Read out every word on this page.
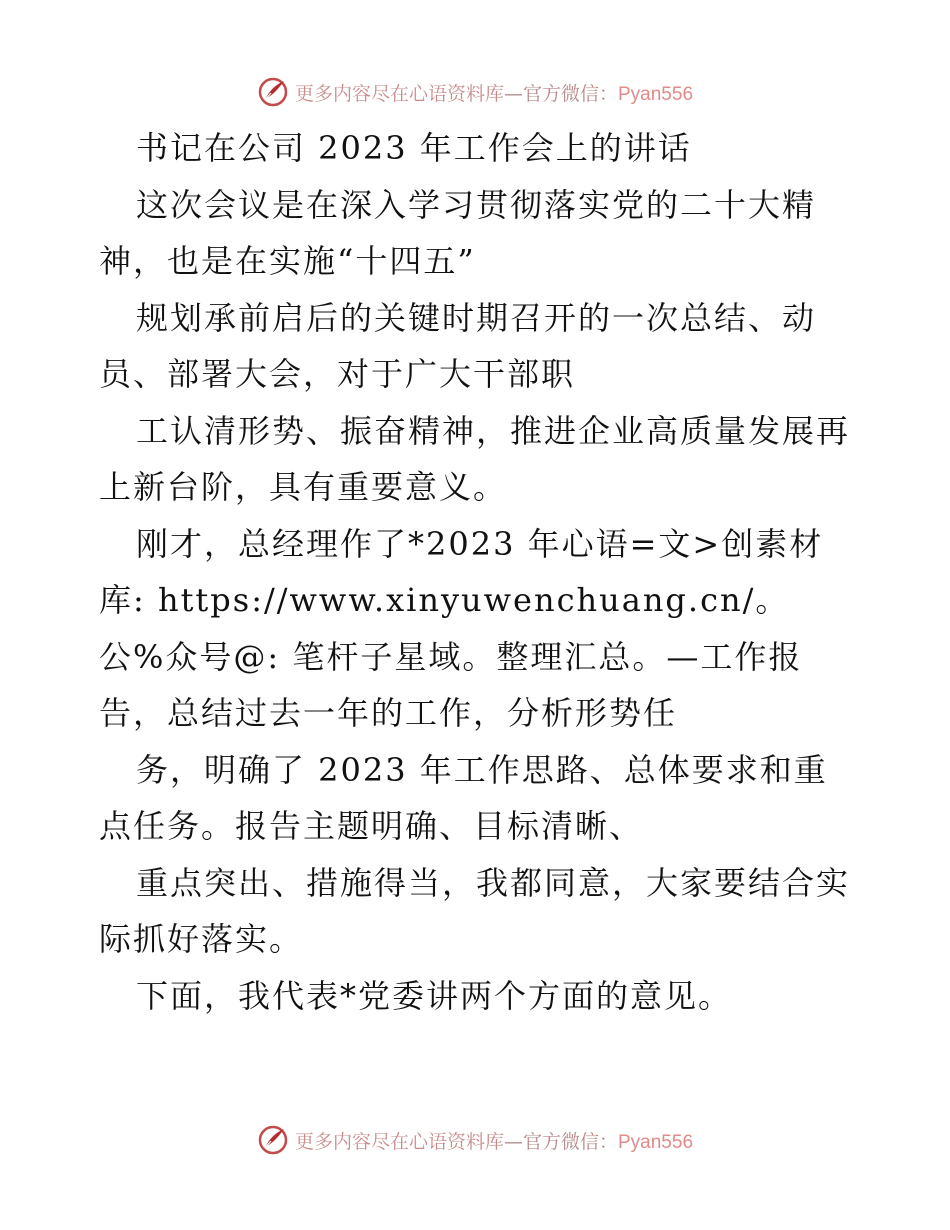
更多内容尽在心语资料库—官方微信：Pyan556

书记在公司 2023 年工作会上的讲话

这次会议是在深入学习贯彻落实党的二十大精神，也是在实施“十四五”

规划承前启后的关键时期召开的一次总结、动员、部署大会，对于广大干部职

工认清形势、振奋精神，推进企业高质量发展再上新台阶，具有重要意义。

刚才，总经理作了*2023 年心语=文>创素材库: https://www.xinyuwenchuang.cn/。公%众号@: 笔杆子星域。整理汇总。—工作报告，总结过去一年的工作，分析形势任

务，明确了 2023 年工作思路、总体要求和重点任务。报告主题明确、目标清晰、

重点突出、措施得当，我都同意，大家要结合实际抓好落实。

下面，我代表*党委讲两个方面的意见。

更多内容尽在心语资料库—官方微信：Pyan556
